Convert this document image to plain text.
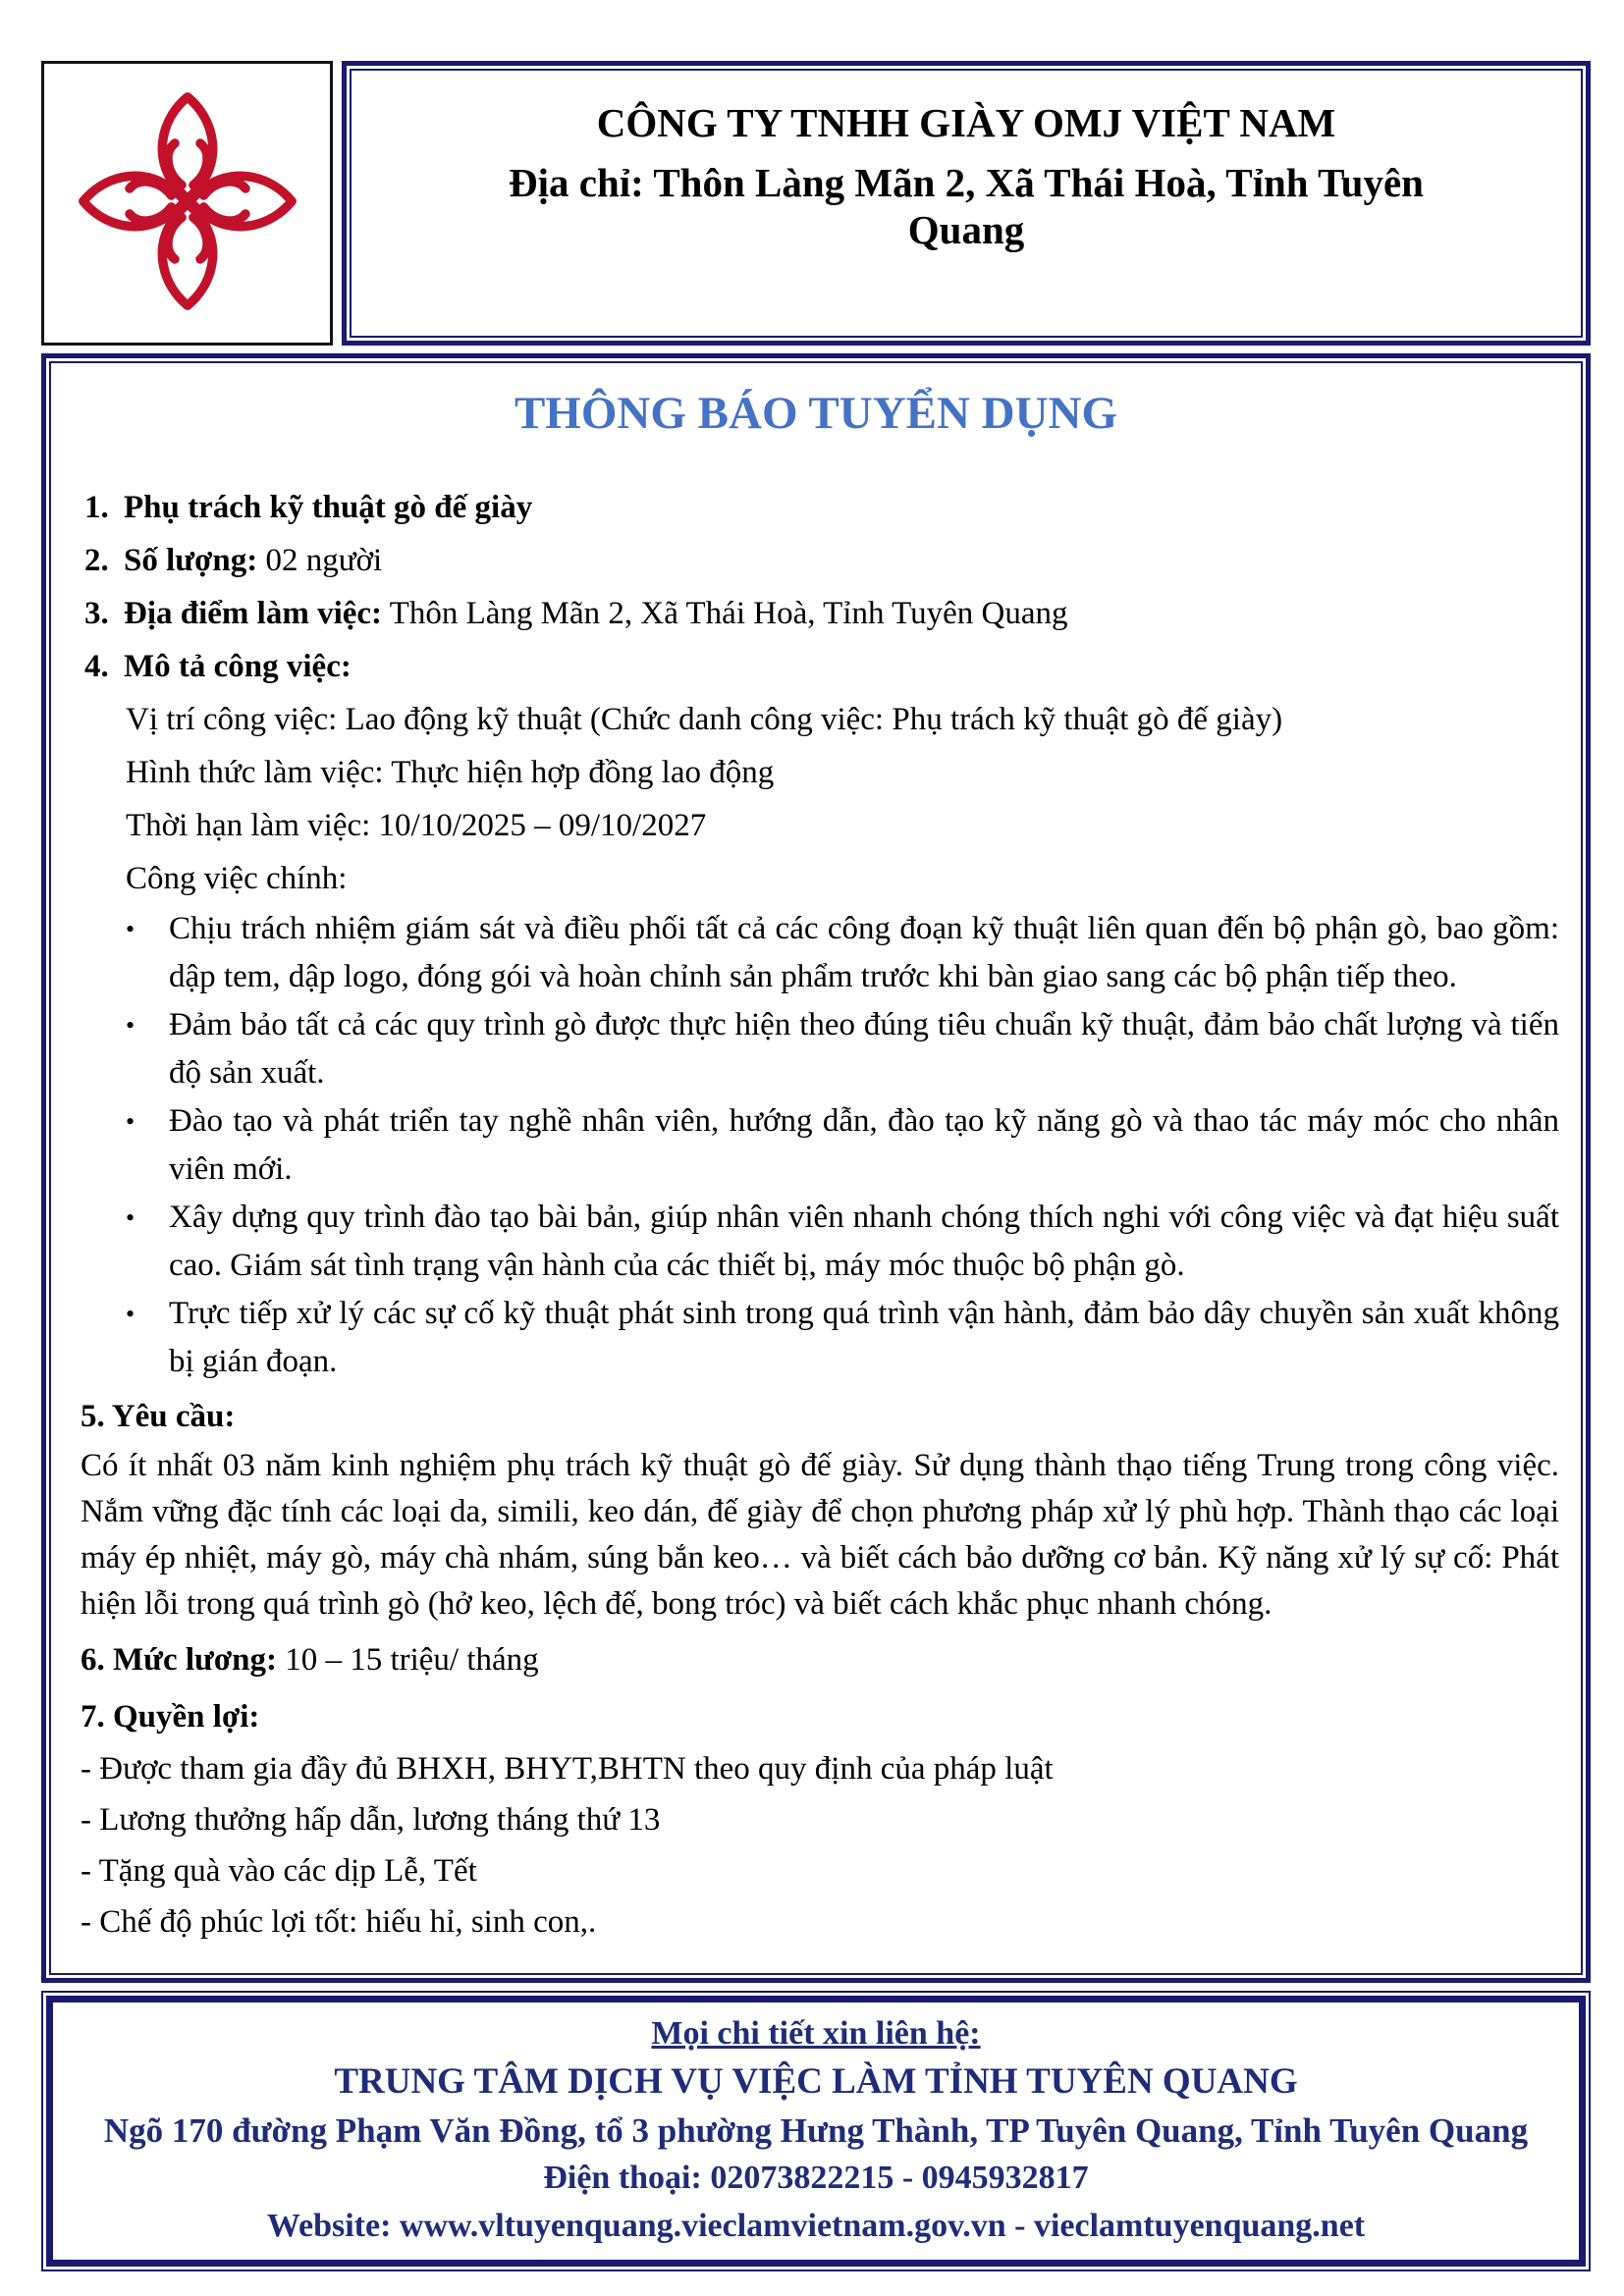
CÔNG TY TNHH GIÀY OMJ VIỆT NAM
Địa chỉ: Thôn Làng Mãn 2, Xã Thái Hoà, Tỉnh Tuyên Quang
THÔNG BÁO TUYỂN DỤNG
1. Phụ trách kỹ thuật gò đế giày
2. Số lượng: 02 người
3. Địa điểm làm việc: Thôn Làng Mãn 2, Xã Thái Hoà, Tỉnh Tuyên Quang
4. Mô tả công việc:
Vị trí công việc: Lao động kỹ thuật (Chức danh công việc: Phụ trách kỹ thuật gò đế giày)
Hình thức làm việc: Thực hiện hợp đồng lao động
Thời hạn làm việc: 10/10/2025 – 09/10/2027
Công việc chính:
•	Chịu trách nhiệm giám sát và điều phối tất cả các công đoạn kỹ thuật liên quan đến bộ phận gò, bao gồm: dập tem, dập logo, đóng gói và hoàn chỉnh sản phẩm trước khi bàn giao sang các bộ phận tiếp theo.
•	Đảm bảo tất cả các quy trình gò được thực hiện theo đúng tiêu chuẩn kỹ thuật, đảm bảo chất lượng và tiến độ sản xuất.
•	Đào tạo và phát triển tay nghề nhân viên, hướng dẫn, đào tạo kỹ năng gò và thao tác máy móc cho nhân viên mới.
•	Xây dựng quy trình đào tạo bài bản, giúp nhân viên nhanh chóng thích nghi với công việc và đạt hiệu suất cao. Giám sát tình trạng vận hành của các thiết bị, máy móc thuộc bộ phận gò.
•	Trực tiếp xử lý các sự cố kỹ thuật phát sinh trong quá trình vận hành, đảm bảo dây chuyền sản xuất không bị gián đoạn.
5. Yêu cầu:
Có ít nhất 03 năm kinh nghiệm phụ trách kỹ thuật gò đế giày. Sử dụng thành thạo tiếng Trung trong công việc. Nắm vững đặc tính các loại da, simili, keo dán, đế giày để chọn phương pháp xử lý phù hợp. Thành thạo các loại máy ép nhiệt, máy gò, máy chà nhám, súng bắn keo… và biết cách bảo dưỡng cơ bản. Kỹ năng xử lý sự cố: Phát hiện lỗi trong quá trình gò (hở keo, lệch đế, bong tróc) và biết cách khắc phục nhanh chóng.
6. Mức lương: 10 – 15 triệu/ tháng
7. Quyền lợi:
- Được tham gia đầy đủ BHXH, BHYT,BHTN theo quy định của pháp luật
- Lương thưởng hấp dẫn, lương tháng thứ 13
- Tặng quà vào các dịp Lễ, Tết
- Chế độ phúc lợi tốt: hiếu hỉ, sinh con,.
Mọi chi tiết xin liên hệ:
TRUNG TÂM DỊCH VỤ VIỆC LÀM TỈNH TUYÊN QUANG
Ngõ 170 đường Phạm Văn Đồng, tổ 3 phường Hưng Thành, TP Tuyên Quang, Tỉnh Tuyên Quang
Điện thoại: 02073822215 - 0945932817
Website: www.vltuyenquang.vieclamvietnam.gov.vn - vieclamtuyenquang.net
